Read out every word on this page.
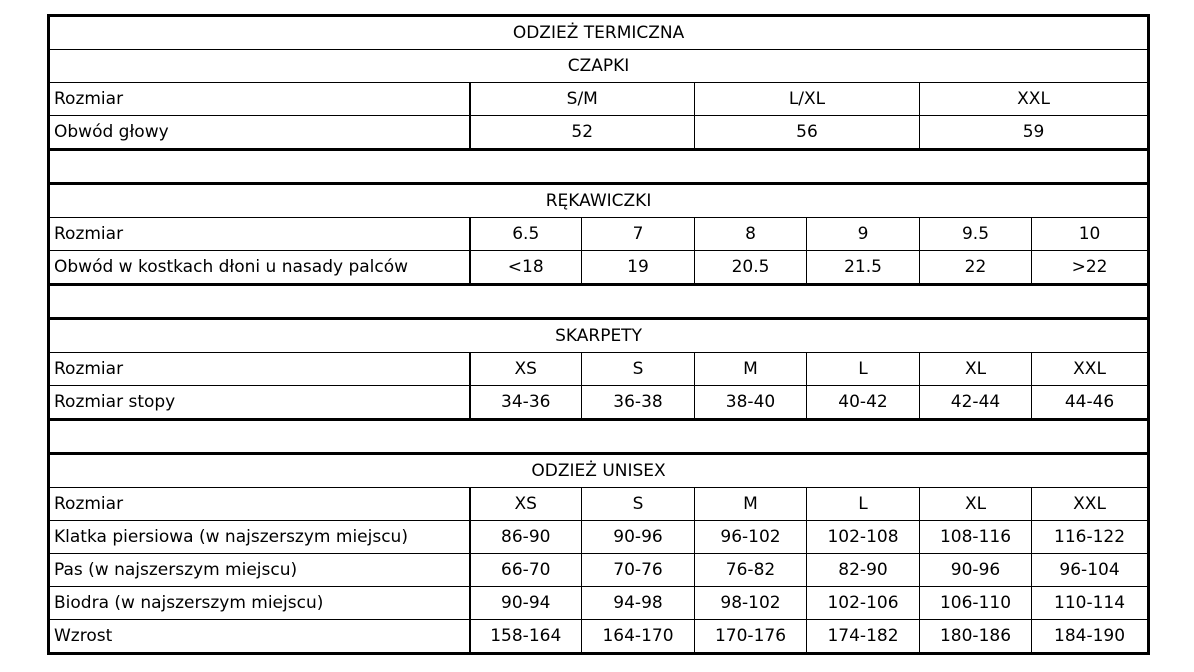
ODZIEŻ TERMICZNA						
CZAPKI						
Rozmiar	S/M		L/XL		XXL	
Obwód głowy	52		56		59	

RĘKAWICZKI						
Rozmiar	6.5	7	8	9	9.5	10
Obwód w kostkach dłoni u nasady palców	<18	19	20.5	21.5	22	>22

SKARPETY						
Rozmiar	XS	S	M	L	XL	XXL
Rozmiar stopy	34-36	36-38	38-40	40-42	42-44	44-46

ODZIEŻ UNISEX						
Rozmiar	XS	S	M	L	XL	XXL
Klatka piersiowa (w najszerszym miejscu)	86-90	90-96	96-102	102-108	108-116	116-122
Pas (w najszerszym miejscu)	66-70	70-76	76-82	82-90	90-96	96-104
Biodra (w najszerszym miejscu)	90-94	94-98	98-102	102-106	106-110	110-114
Wzrost	158-164	164-170	170-176	174-182	180-186	184-190
